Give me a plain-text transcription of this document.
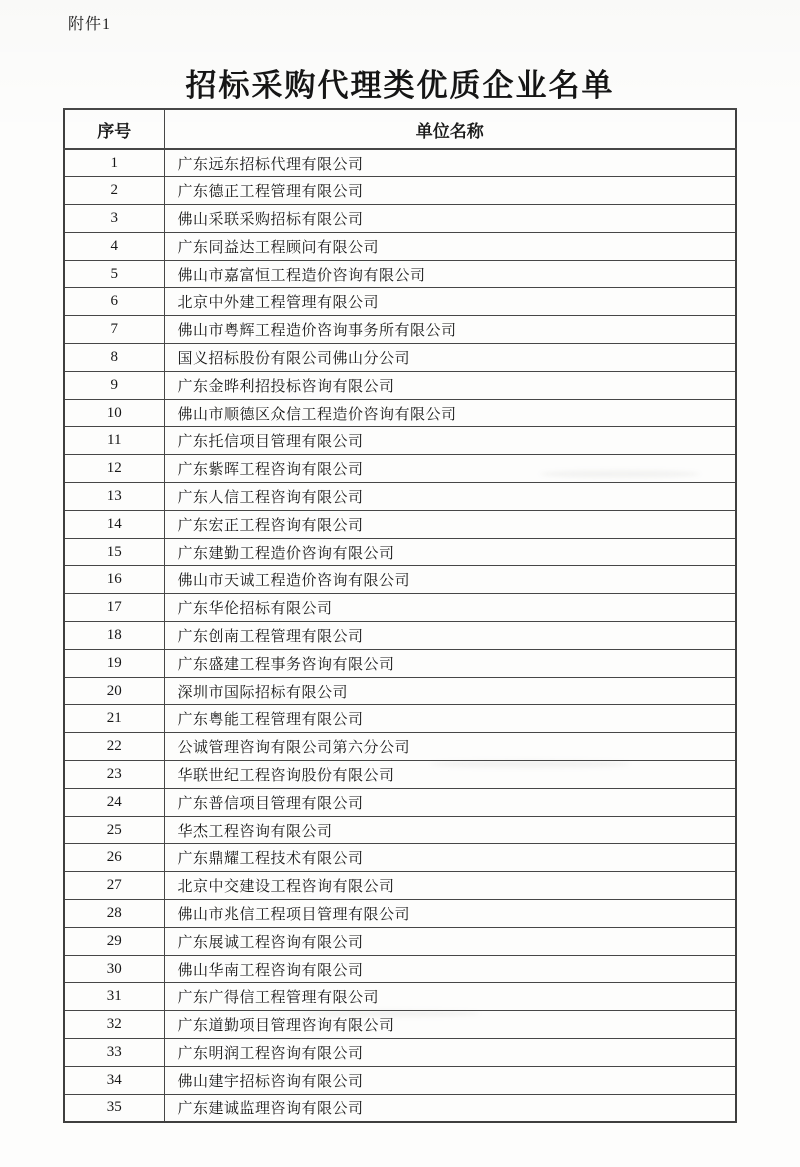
附件1
招标采购代理类优质企业名单
序号	单位名称
1	广东远东招标代理有限公司
2	广东德正工程管理有限公司
3	佛山采联采购招标有限公司
4	广东同益达工程顾问有限公司
5	佛山市嘉富恒工程造价咨询有限公司
6	北京中外建工程管理有限公司
7	佛山市粤辉工程造价咨询事务所有限公司
8	国义招标股份有限公司佛山分公司
9	广东金晔利招投标咨询有限公司
10	佛山市顺德区众信工程造价咨询有限公司
11	广东托信项目管理有限公司
12	广东紫晖工程咨询有限公司
13	广东人信工程咨询有限公司
14	广东宏正工程咨询有限公司
15	广东建勤工程造价咨询有限公司
16	佛山市天诚工程造价咨询有限公司
17	广东华伦招标有限公司
18	广东创南工程管理有限公司
19	广东盛建工程事务咨询有限公司
20	深圳市国际招标有限公司
21	广东粤能工程管理有限公司
22	公诚管理咨询有限公司第六分公司
23	华联世纪工程咨询股份有限公司
24	广东普信项目管理有限公司
25	华杰工程咨询有限公司
26	广东鼎耀工程技术有限公司
27	北京中交建设工程咨询有限公司
28	佛山市兆信工程项目管理有限公司
29	广东展诚工程咨询有限公司
30	佛山华南工程咨询有限公司
31	广东广得信工程管理有限公司
32	广东道勤项目管理咨询有限公司
33	广东明润工程咨询有限公司
34	佛山建宇招标咨询有限公司
35	广东建诚监理咨询有限公司
